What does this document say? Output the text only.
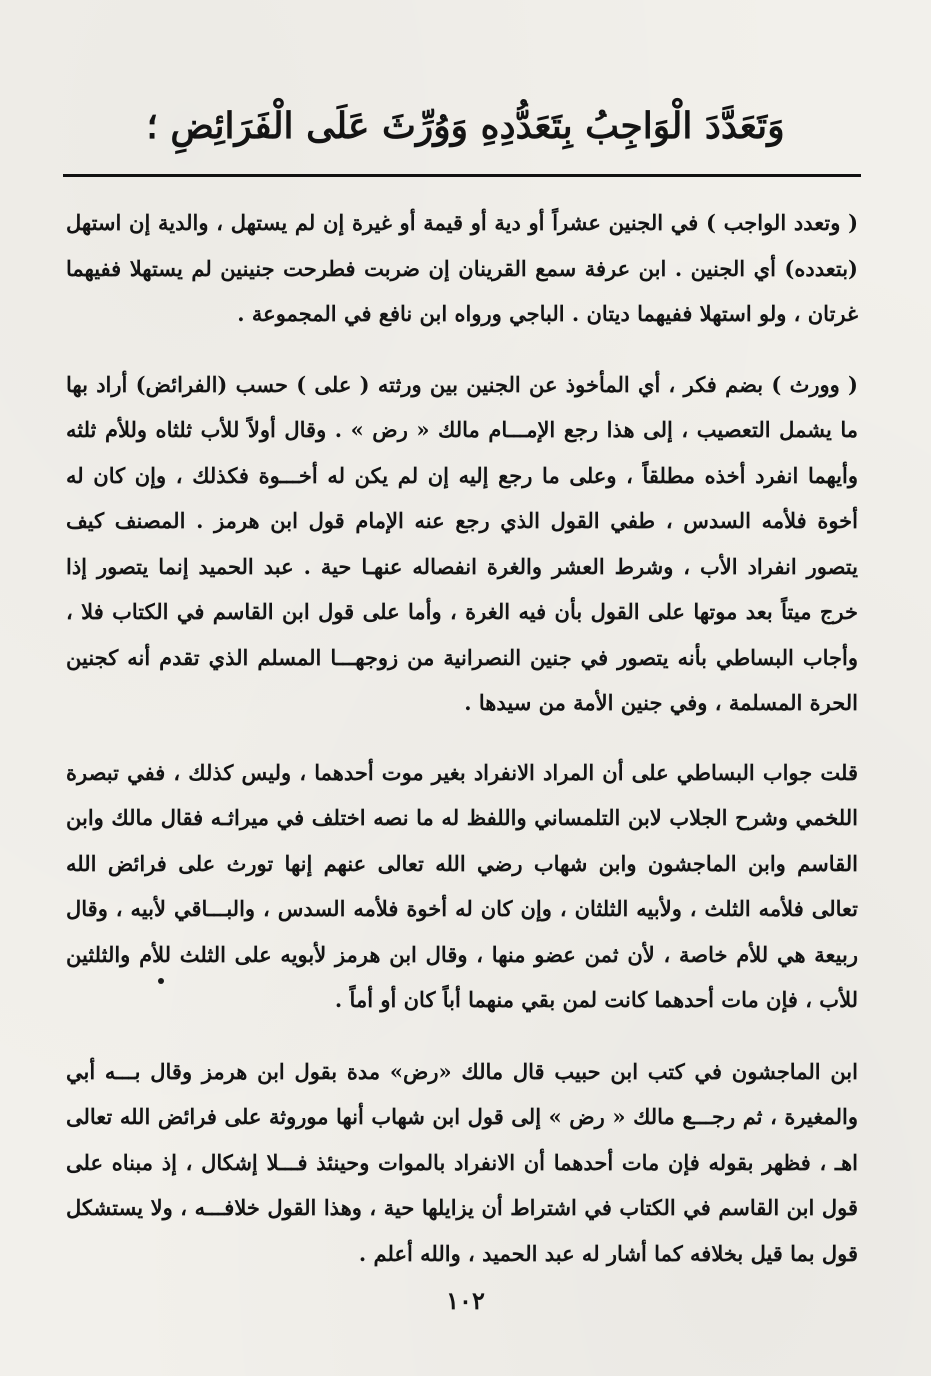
وَتَعَدَّدَ الْوَاجِبُ بِتَعَدُّدِهِ وَوُرِّثَ عَلَى الْفَرَائِضِ ؛

( وتعدد الواجب ) في الجنين عشراً أو دية أو قيمة أو غيرة إن لم يستهل ، والدية إن استهل (بتعدده) أي الجنين . ابن عرفة سمع القرينان إن ضربت فطرحت جنينين لم يستهلا ففيهما غرتان ، ولو استهلا ففيهما ديتان . الباجي ورواه ابن نافع في المجموعة .

( وورث ) بضم فكر ، أي المأخوذ عن الجنين بين ورثته ( على ) حسب (الفرائض) أراد بها ما يشمل التعصيب ، إلى هذا رجع الإمـــام مالك « رض » . وقال أولاً للأب ثلثاه وللأم ثلثه وأيهما انفرد أخذه مطلقاً ، وعلى ما رجع إليه إن لم يكن له أخـــوة فكذلك ، وإن كان له أخوة فلأمه السدس ، طفي القول الذي رجع عنه الإمام قول ابن هرمز . المصنف كيف يتصور انفراد الأب ، وشرط العشر والغرة انفصاله عنهـا حية . عبد الحميد إنما يتصور إذا خرج ميتاً بعد موتها على القول بأن فيه الغرة ، وأما على قول ابن القاسم في الكتاب فلا ، وأجاب البساطي بأنه يتصور في جنين النصرانية من زوجهـــا المسلم الذي تقدم أنه كجنين الحرة المسلمة ، وفي جنين الأمة من سيدها .

قلت جواب البساطي على أن المراد الانفراد بغير موت أحدهما ، وليس كذلك ، ففي تبصرة اللخمي وشرح الجلاب لابن التلمساني واللفظ له ما نصه اختلف في ميراثـه فقال مالك وابن القاسم وابن الماجشون وابن شهاب رضي الله تعالى عنهم إنها تورث على فرائض الله تعالى فلأمه الثلث ، ولأبيه الثلثان ، وإن كان له أخوة فلأمه السدس ، والبـــاقي لأبيه ، وقال ربيعة هي للأم خاصة ، لأن ثمن عضو منها ، وقال ابن هرمز لأبويه على الثلث للأم والثلثين للأب ، فإن مات أحدهما كانت لمن بقي منهما أباً كان أو أماً .

ابن الماجشون في كتب ابن حبيب قال مالك «رض» مدة بقول ابن هرمز وقال بـــه أبي والمغيرة ، ثم رجـــع مالك « رض » إلى قول ابن شهاب أنها موروثة على فرائض الله تعالى اهـ ، فظهر بقوله فإن مات أحدهما أن الانفراد بالموات وحينئذ فـــلا إشكال ، إذ مبناه على قول ابن القاسم في الكتاب في اشتراط أن يزايلها حية ، وهذا القول خلافـــه ، ولا يستشكل قول بما قيل بخلافه كما أشار له عبد الحميد ، والله أعلم .

١٠٢
